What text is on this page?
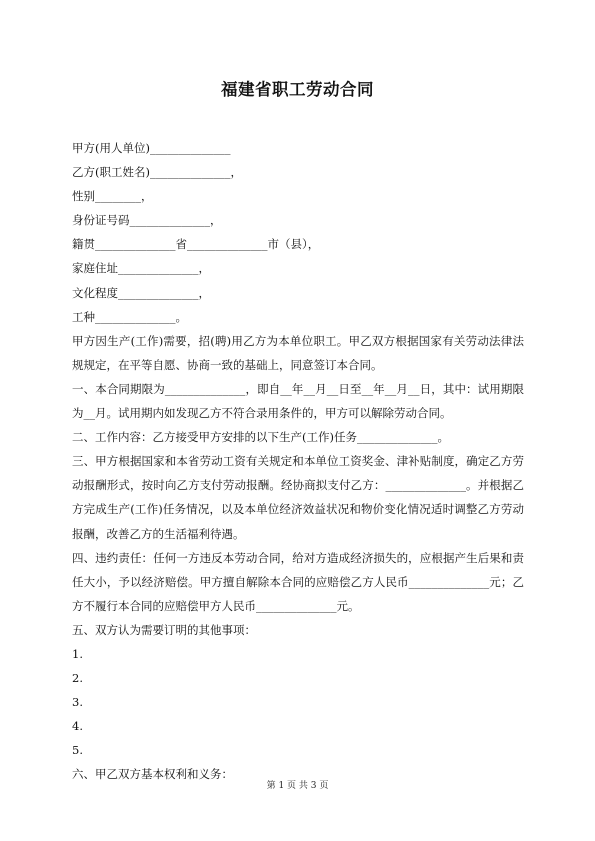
福建省职工劳动合同
甲方(用人单位)______________
乙方(职工姓名)______________，
性别________，
身份证号码______________，
籍贯______________省______________市（县），
家庭住址______________，
文化程度______________，
工种______________。
甲方因生产(工作)需要，招(聘)用乙方为本单位职工。甲乙双方根据国家有关劳动法律法规规定，在平等自愿、协商一致的基础上，同意签订本合同。
一、本合同期限为______________，即自__年__月__日至__年__月__日，其中：试用期限为__月。试用期内如发现乙方不符合录用条件的，甲方可以解除劳动合同。
二、工作内容：乙方接受甲方安排的以下生产(工作)任务______________。
三、甲方根据国家和本省劳动工资有关规定和本单位工资奖金、津补贴制度，确定乙方劳动报酬形式，按时向乙方支付劳动报酬。经协商拟支付乙方：______________。并根据乙方完成生产(工作)任务情况，以及本单位经济效益状况和物价变化情况适时调整乙方劳动报酬，改善乙方的生活福利待遇。
四、违约责任：任何一方违反本劳动合同，给对方造成经济损失的，应根据产生后果和责任大小，予以经济赔偿。甲方擅自解除本合同的应赔偿乙方人民币______________元；乙方不履行本合同的应赔偿甲方人民币______________元。
五、双方认为需要订明的其他事项：
1.
2.
3.
4.
5.
六、甲乙双方基本权利和义务：
第 1 页 共 3 页
